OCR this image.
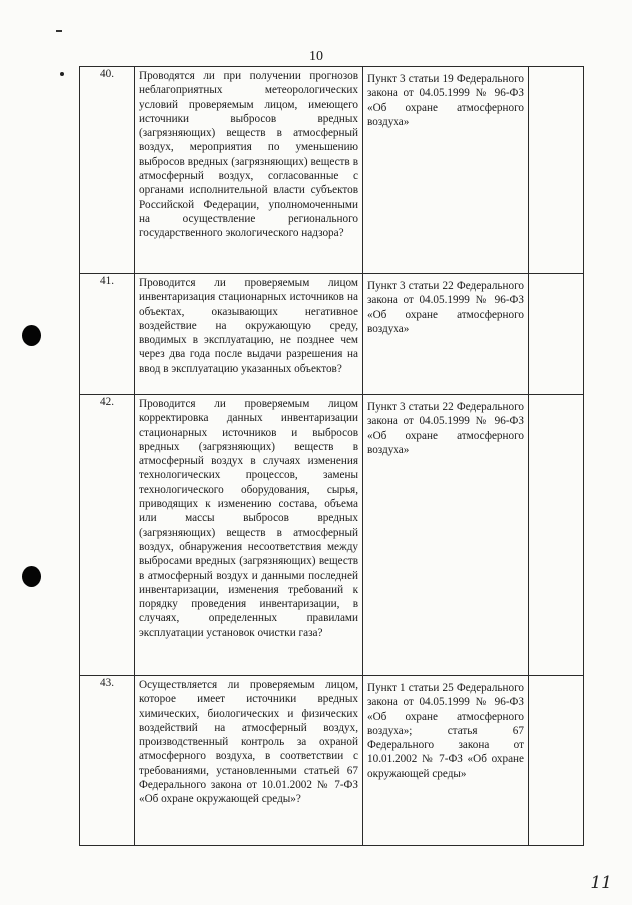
10
40.	Проводятся ли при получении прогнозов неблагоприятных метеорологических условий проверяемым лицом, имеющего источники выбросов вредных (загрязняющих) веществ в атмосферный воздух, мероприятия по уменьшению выбросов вредных (загрязняющих) веществ в атмосферный воздух, согласованные с органами исполнительной власти субъектов Российской Федерации, уполномоченными на осуществление регионального государственного экологического надзора?	Пункт 3 статьи 19 Федерального закона от 04.05.1999 № 96-ФЗ «Об охране атмосферного воздуха»	
41.	Проводится ли проверяемым лицом инвентаризация стационарных источников на объектах, оказывающих негативное воздействие на окружающую среду, вводимых в эксплуатацию, не позднее чем через два года после выдачи разрешения на ввод в эксплуатацию указанных объектов?	Пункт 3 статьи 22 Федерального закона от 04.05.1999 № 96-ФЗ «Об охране атмосферного воздуха»	
42.	Проводится ли проверяемым лицом корректировка данных инвентаризации стационарных источников и выбросов вредных (загрязняющих) веществ в атмосферный воздух в случаях изменения технологических процессов, замены технологического оборудования, сырья, приводящих к изменению состава, объема или массы выбросов вредных (загрязняющих) веществ в атмосферный воздух, обнаружения несоответствия между выбросами вредных (загрязняющих) веществ в атмосферный воздух и данными последней инвентаризации, изменения требований к порядку проведения инвентаризации, в случаях, определенных правилами эксплуатации установок очистки газа?	Пункт 3 статьи 22 Федерального закона от 04.05.1999 № 96-ФЗ «Об охране атмосферного воздуха»	
43.	Осуществляется ли проверяемым лицом, которое имеет источники вредных химических, биологических и физических воздействий на атмосферный воздух, производственный контроль за охраной атмосферного воздуха, в соответствии с требованиями, установленными статьей 67 Федерального закона от 10.01.2002 № 7-ФЗ «Об охране окружающей среды»?	Пункт 1 статьи 25 Федерального закона от 04.05.1999 № 96-ФЗ «Об охране атмосферного воздуха»; статья 67 Федерального закона от 10.01.2002 № 7-ФЗ «Об охране окружающей среды»	
11
